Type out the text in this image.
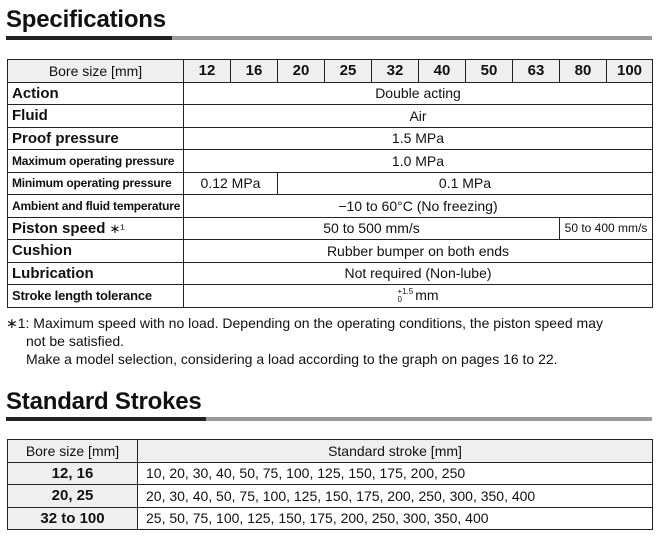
Specifications
Bore size [mm]	12	16	20	25	32	40	50	63	80	100
Action	Double acting									
Fluid	Air									
Proof pressure	1.5 MPa									
Maximum operating pressure	1.0 MPa									
Minimum operating pressure	0.12 MPa		0.1 MPa							
Ambient and fluid temperature	−10 to 60°C (No freezing)									
Piston speed ∗¹	50 to 500 mm/s								50 to 400 mm/s	
Cushion	Rubber bumper on both ends									
Lubrication	Not required (Non-lube)									
Stroke length tolerance	+1.5
0 mm									
∗1: Maximum speed with no load. Depending on the operating conditions, the piston speed may
not be satisfied.
Make a model selection, considering a load according to the graph on pages 16 to 22.
Standard Strokes
Bore size [mm]	Standard stroke [mm]
12, 16	10, 20, 30, 40, 50, 75, 100, 125, 150, 175, 200, 250
20, 25	20, 30, 40, 50, 75, 100, 125, 150, 175, 200, 250, 300, 350, 400
32 to 100	25, 50, 75, 100, 125, 150, 175, 200, 250, 300, 350, 400
